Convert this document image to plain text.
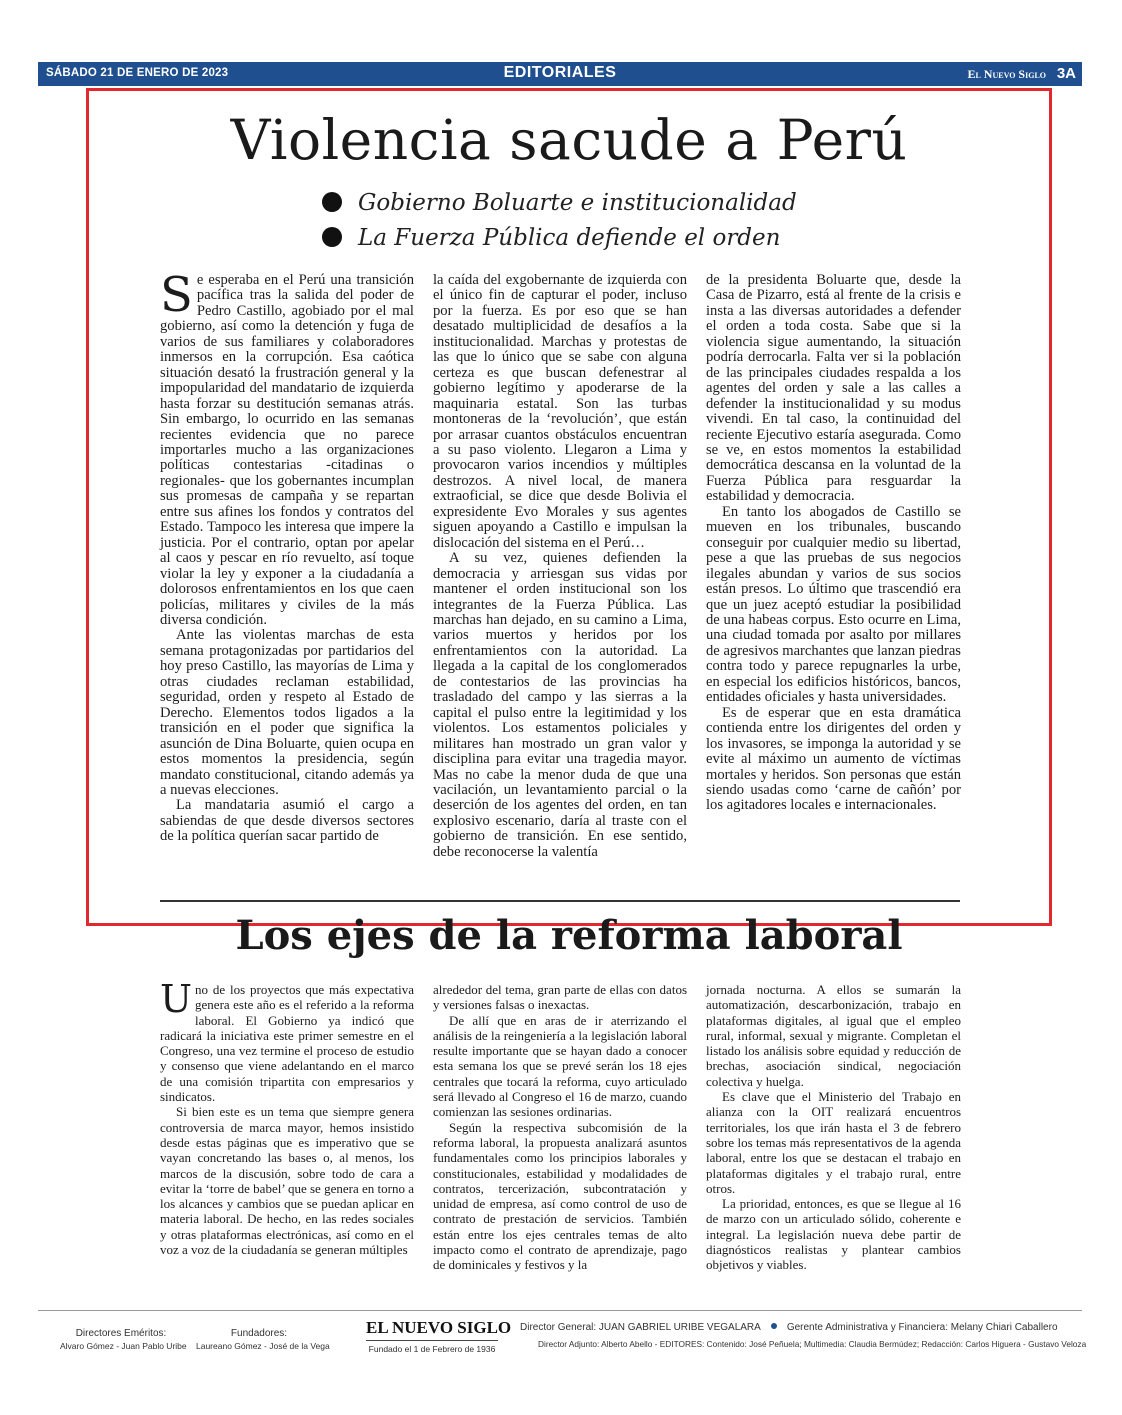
SÁBADO 21 DE ENERO DE 2023	EDITORIALES	El Nuevo Siglo 3A
Violencia sacude a Perú
Gobierno Boluarte e institucionalidad
La Fuerza Pública defiende el orden

Se esperaba en el Perú una transición pacífica tras la salida del poder de Pedro Castillo, agobiado por el mal gobierno, así como la detención y fuga de varios de sus familiares y colaboradores inmersos en la corrupción. Esa caótica situación desató la frustración general y la impopularidad del mandatario de izquierda hasta forzar su destitución semanas atrás. Sin embargo, lo ocurrido en las semanas recientes evidencia que no parece importarles mucho a las organizaciones políticas contestarias -citadinas o regionales- que los gobernantes incumplan sus promesas de campaña y se repartan entre sus afines los fondos y contratos del Estado. Tampoco les interesa que impere la justicia. Por el contrario, optan por apelar al caos y pescar en río revuelto, así toque violar la ley y exponer a la ciudadanía a dolorosos enfrentamientos en los que caen policías, militares y civiles de la más diversa condición.

Ante las violentas marchas de esta semana protagonizadas por partidarios del hoy preso Castillo, las mayorías de Lima y otras ciudades reclaman estabilidad, seguridad, orden y respeto al Estado de Derecho. Elementos todos ligados a la transición en el poder que significa la asunción de Dina Boluarte, quien ocupa en estos momentos la presidencia, según mandato constitucional, citando además ya a nuevas elecciones.

La mandataria asumió el cargo a sabiendas de que desde diversos sectores de la política querían sacar partido de

la caída del exgobernante de izquierda con el único fin de capturar el poder, incluso por la fuerza. Es por eso que se han desatado multiplicidad de desafíos a la institucionalidad. Marchas y protestas de las que lo único que se sabe con alguna certeza es que buscan defenestrar al gobierno legítimo y apoderarse de la maquinaria estatal. Son las turbas montoneras de la ‘revolución’, que están por arrasar cuantos obstáculos encuentran a su paso violento. Llegaron a Lima y provocaron varios incendios y múltiples destrozos. A nivel local, de manera extraoficial, se dice que desde Bolivia el expresidente Evo Morales y sus agentes siguen apoyando a Castillo e impulsan la dislocación del sistema en el Perú…

A su vez, quienes defienden la democracia y arriesgan sus vidas por mantener el orden institucional son los integrantes de la Fuerza Pública. Las marchas han dejado, en su camino a Lima, varios muertos y heridos por los enfrentamientos con la autoridad. La llegada a la capital de los conglomerados de contestarios de las provincias ha trasladado del campo y las sierras a la capital el pulso entre la legitimidad y los violentos. Los estamentos policiales y militares han mostrado un gran valor y disciplina para evitar una tragedia mayor. Mas no cabe la menor duda de que una vacilación, un levantamiento parcial o la deserción de los agentes del orden, en tan explosivo escenario, daría al traste con el gobierno de transición. En ese sentido, debe reconocerse la valentía

de la presidenta Boluarte que, desde la Casa de Pizarro, está al frente de la crisis e insta a las diversas autoridades a defender el orden a toda costa. Sabe que si la violencia sigue aumentando, la situación podría derrocarla. Falta ver si la población de las principales ciudades respalda a los agentes del orden y sale a las calles a defender la institucionalidad y su modus vivendi. En tal caso, la continuidad del reciente Ejecutivo estaría asegurada. Como se ve, en estos momentos la estabilidad democrática descansa en la voluntad de la Fuerza Pública para resguardar la estabilidad y democracia.

En tanto los abogados de Castillo se mueven en los tribunales, buscando conseguir por cualquier medio su libertad, pese a que las pruebas de sus negocios ilegales abundan y varios de sus socios están presos. Lo último que trascendió era que un juez aceptó estudiar la posibilidad de una habeas corpus. Esto ocurre en Lima, una ciudad tomada por asalto por millares de agresivos marchantes que lanzan piedras contra todo y parece repugnarles la urbe, en especial los edificios históricos, bancos, entidades oficiales y hasta universidades.

Es de esperar que en esta dramática contienda entre los dirigentes del orden y los invasores, se imponga la autoridad y se evite al máximo un aumento de víctimas mortales y heridos. Son personas que están siendo usadas como ‘carne de cañón’ por los agitadores locales e internacionales.

Los ejes de la reforma laboral

Uno de los proyectos que más expectativa genera este año es el referido a la reforma laboral. El Gobierno ya indicó que radicará la iniciativa este primer semestre en el Congreso, una vez termine el proceso de estudio y consenso que viene adelantando en el marco de una comisión tripartita con empresarios y sindicatos.

Si bien este es un tema que siempre genera controversia de marca mayor, hemos insistido desde estas páginas que es imperativo que se vayan concretando las bases o, al menos, los marcos de la discusión, sobre todo de cara a evitar la ‘torre de babel’ que se genera en torno a los alcances y cambios que se puedan aplicar en materia laboral. De hecho, en las redes sociales y otras plataformas electrónicas, así como en el voz a voz de la ciudadanía se generan múltiples

alrededor del tema, gran parte de ellas con datos y versiones falsas o inexactas.

De allí que en aras de ir aterrizando el análisis de la reingeniería a la legislación laboral resulte importante que se hayan dado a conocer esta semana los que se prevé serán los 18 ejes centrales que tocará la reforma, cuyo articulado será llevado al Congreso el 16 de marzo, cuando comienzan las sesiones ordinarias.

Según la respectiva subcomisión de la reforma laboral, la propuesta analizará asuntos fundamentales como los principios laborales y constitucionales, estabilidad y modalidades de contratos, tercerización, subcontratación y unidad de empresa, así como control de uso de contrato de prestación de servicios. También están entre los ejes centrales temas de alto impacto como el contrato de aprendizaje, pago de dominicales y festivos y la

jornada nocturna. A ellos se sumarán la automatización, descarbonización, trabajo en plataformas digitales, al igual que el empleo rural, informal, sexual y migrante. Completan el listado los análisis sobre equidad y reducción de brechas, asociación sindical, negociación colectiva y huelga.

Es clave que el Ministerio del Trabajo en alianza con la OIT realizará encuentros territoriales, los que irán hasta el 3 de febrero sobre los temas más representativos de la agenda laboral, entre los que se destacan el trabajo en plataformas digitales y el trabajo rural, entre otros.

La prioridad, entonces, es que se llegue al 16 de marzo con un articulado sólido, coherente e integral. La legislación nueva debe partir de diagnósticos realistas y plantear cambios objetivos y viables.

Directores Eméritos:
Alvaro Gómez - Juan Pablo Uribe
Fundadores:
Laureano Gómez - José de la Vega
EL NUEVO SIGLO
Fundado el 1 de Febrero de 1936
Director General: JUAN GABRIEL URIBE VEGALARA	Gerente Administrativa y Financiera: Melany Chiari Caballero
Director Adjunto: Alberto Abello - EDITORES: Contenido: José Peñuela; Multimedia: Claudia Bermúdez; Redacción: Carlos Higuera - Gustavo Veloza
